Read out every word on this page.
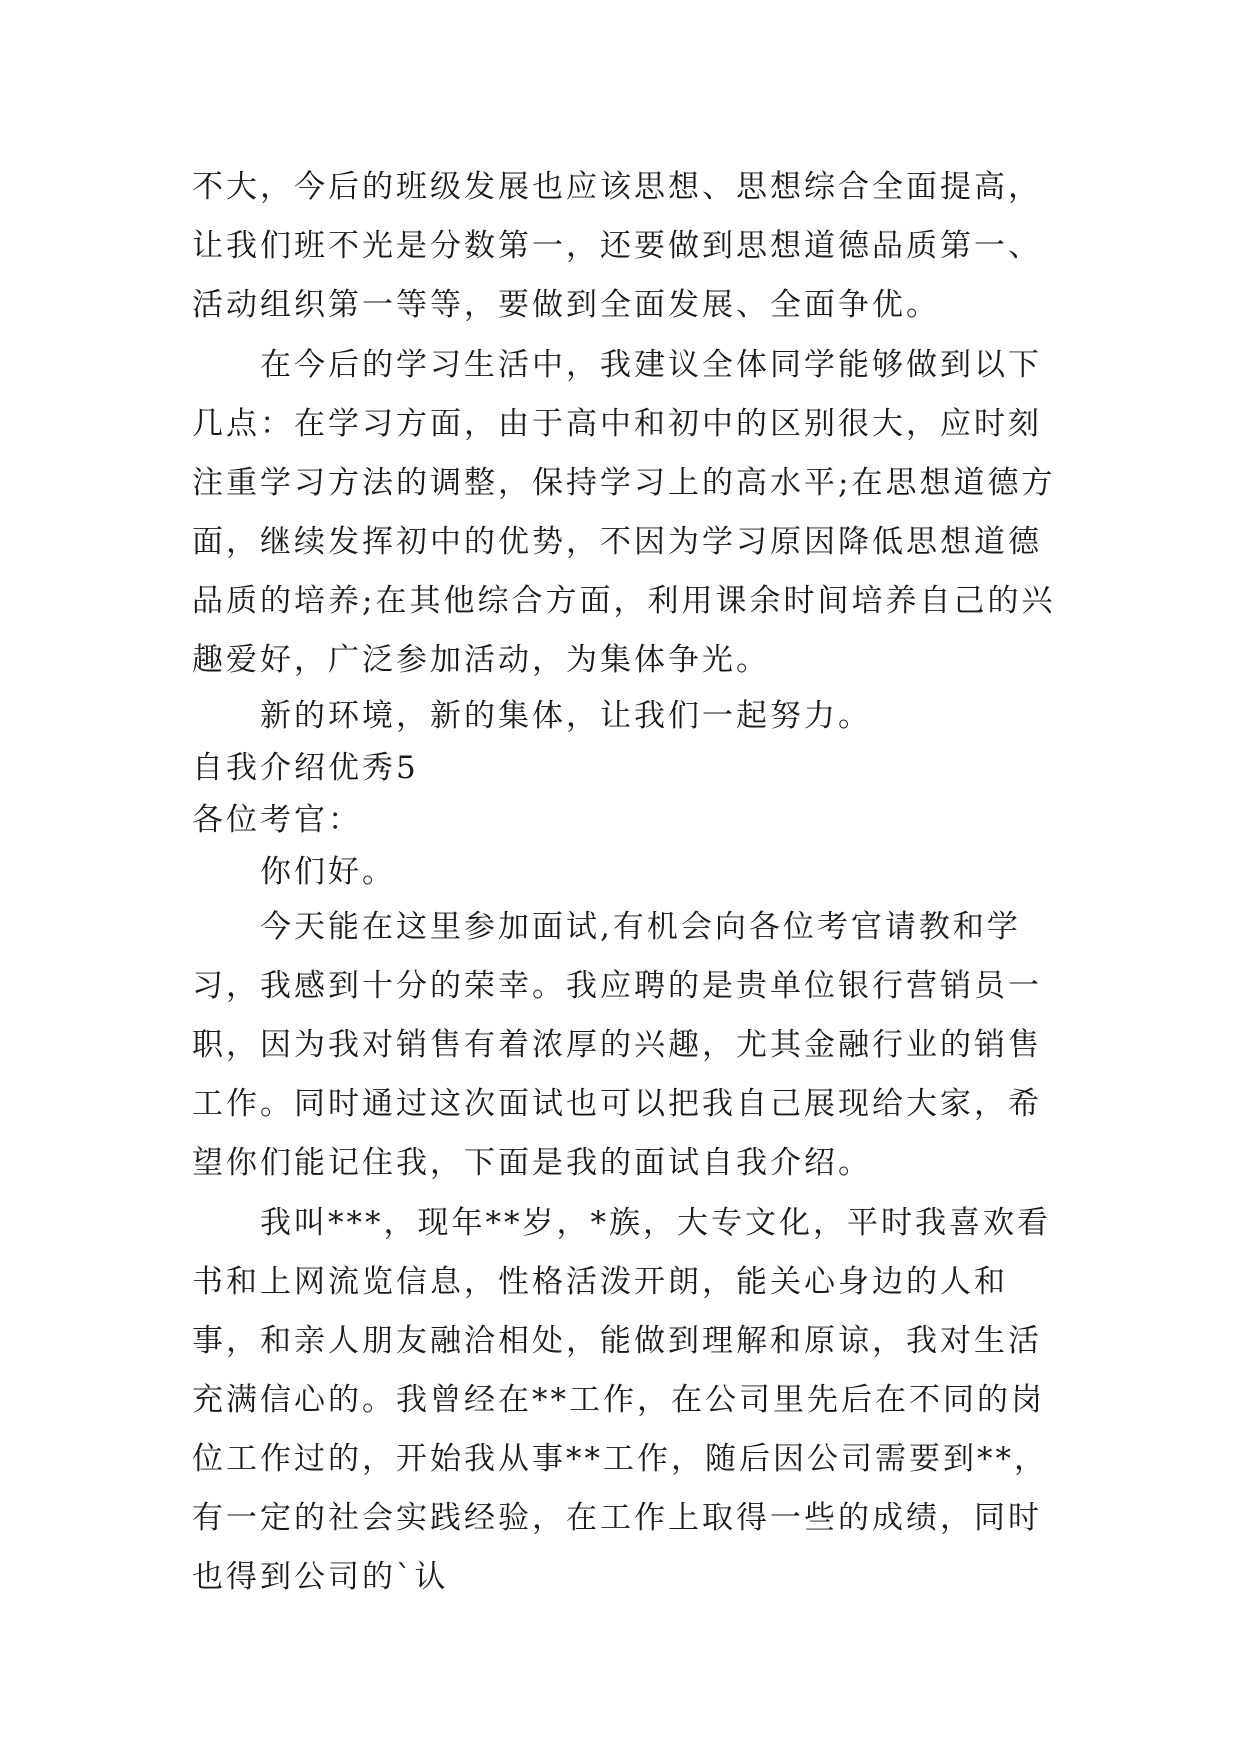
不大，今后的班级发展也应该思想、思想综合全面提高，让我们班不光是分数第一，还要做到思想道德品质第一、活动组织第一等等，要做到全面发展、全面争优。

在今后的学习生活中，我建议全体同学能够做到以下几点：在学习方面，由于高中和初中的区别很大，应时刻注重学习方法的调整，保持学习上的高水平;在思想道德方面，继续发挥初中的优势，不因为学习原因降低思想道德品质的培养;在其他综合方面，利用课余时间培养自己的兴趣爱好，广泛参加活动，为集体争光。

新的环境，新的集体，让我们一起努力。

自我介绍优秀5

各位考官：

你们好。

今天能在这里参加面试,有机会向各位考官请教和学习，我感到十分的荣幸。我应聘的是贵单位银行营销员一职，因为我对销售有着浓厚的兴趣，尤其金融行业的销售工作。同时通过这次面试也可以把我自己展现给大家，希望你们能记住我，下面是我的面试自我介绍。

我叫***，现年**岁，*族，大专文化，平时我喜欢看书和上网流览信息，性格活泼开朗，能关心身边的人和事，和亲人朋友融洽相处，能做到理解和原谅，我对生活充满信心的。我曾经在**工作，在公司里先后在不同的岗位工作过的，开始我从事**工作，随后因公司需要到**，有一定的社会实践经验，在工作上取得一些的成绩，同时也得到公司的`认
